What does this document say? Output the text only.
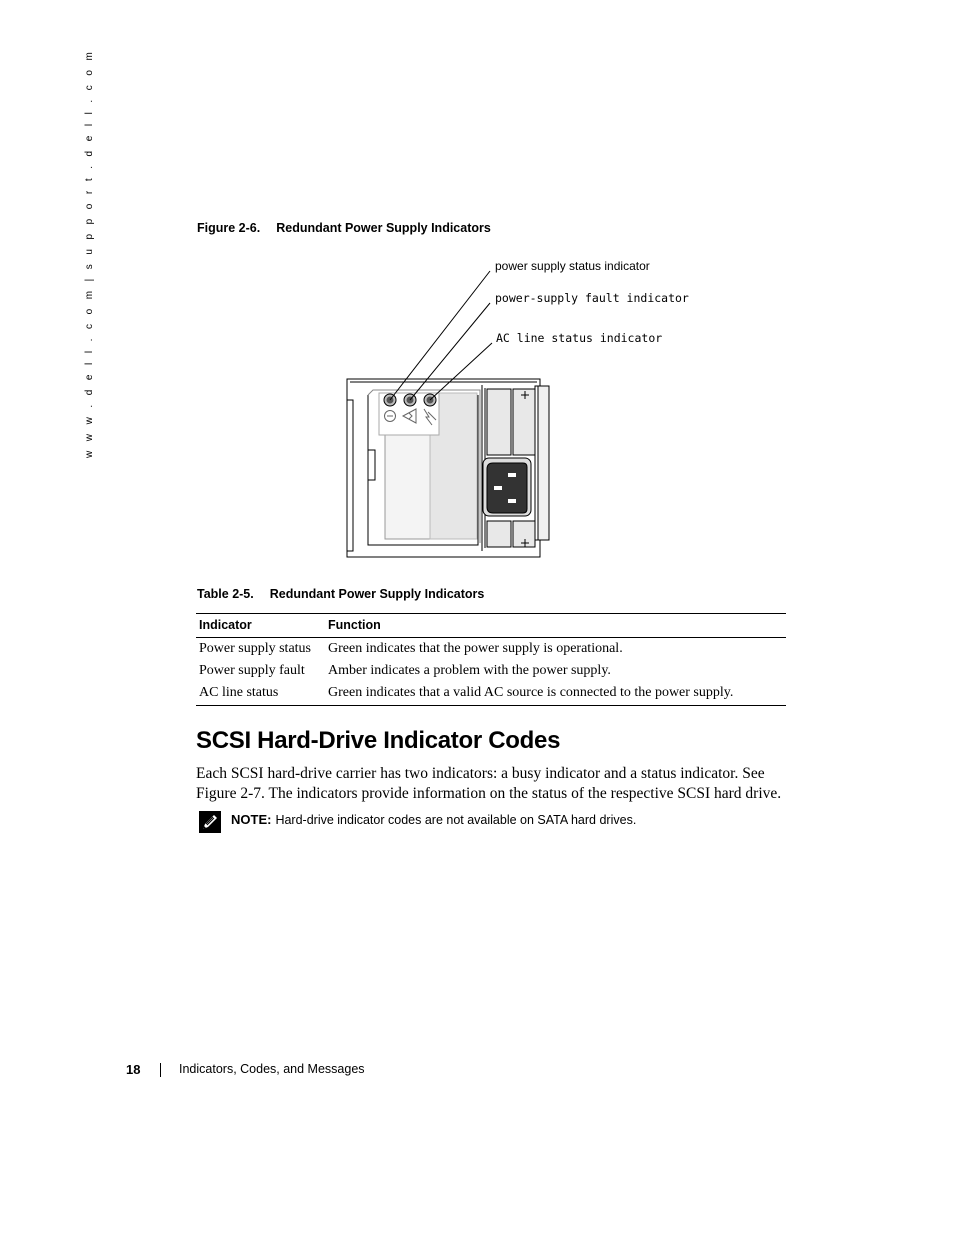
w w w . d e l l . c o m | s u p p o r t . d e l l . c o m	Figure 2-6. Redundant Power Supply Indicators
power supply status indicator
power-supply fault indicator
AC line status indicator
Table 2-5. Redundant Power Supply Indicators
Indicator	Function
Power supply status	Green indicates that the power supply is operational.
Power supply fault	Amber indicates a problem with the power supply.
AC line status	Green indicates that a valid AC source is connected to the power supply.
SCSI Hard-Drive Indicator Codes
Each SCSI hard-drive carrier has two indicators: a busy indicator and a status indicator. See Figure 2-7. The indicators provide information on the status of the respective SCSI hard drive.
NOTE: Hard-drive indicator codes are not available on SATA hard drives.
18	Indicators, Codes, and Messages
